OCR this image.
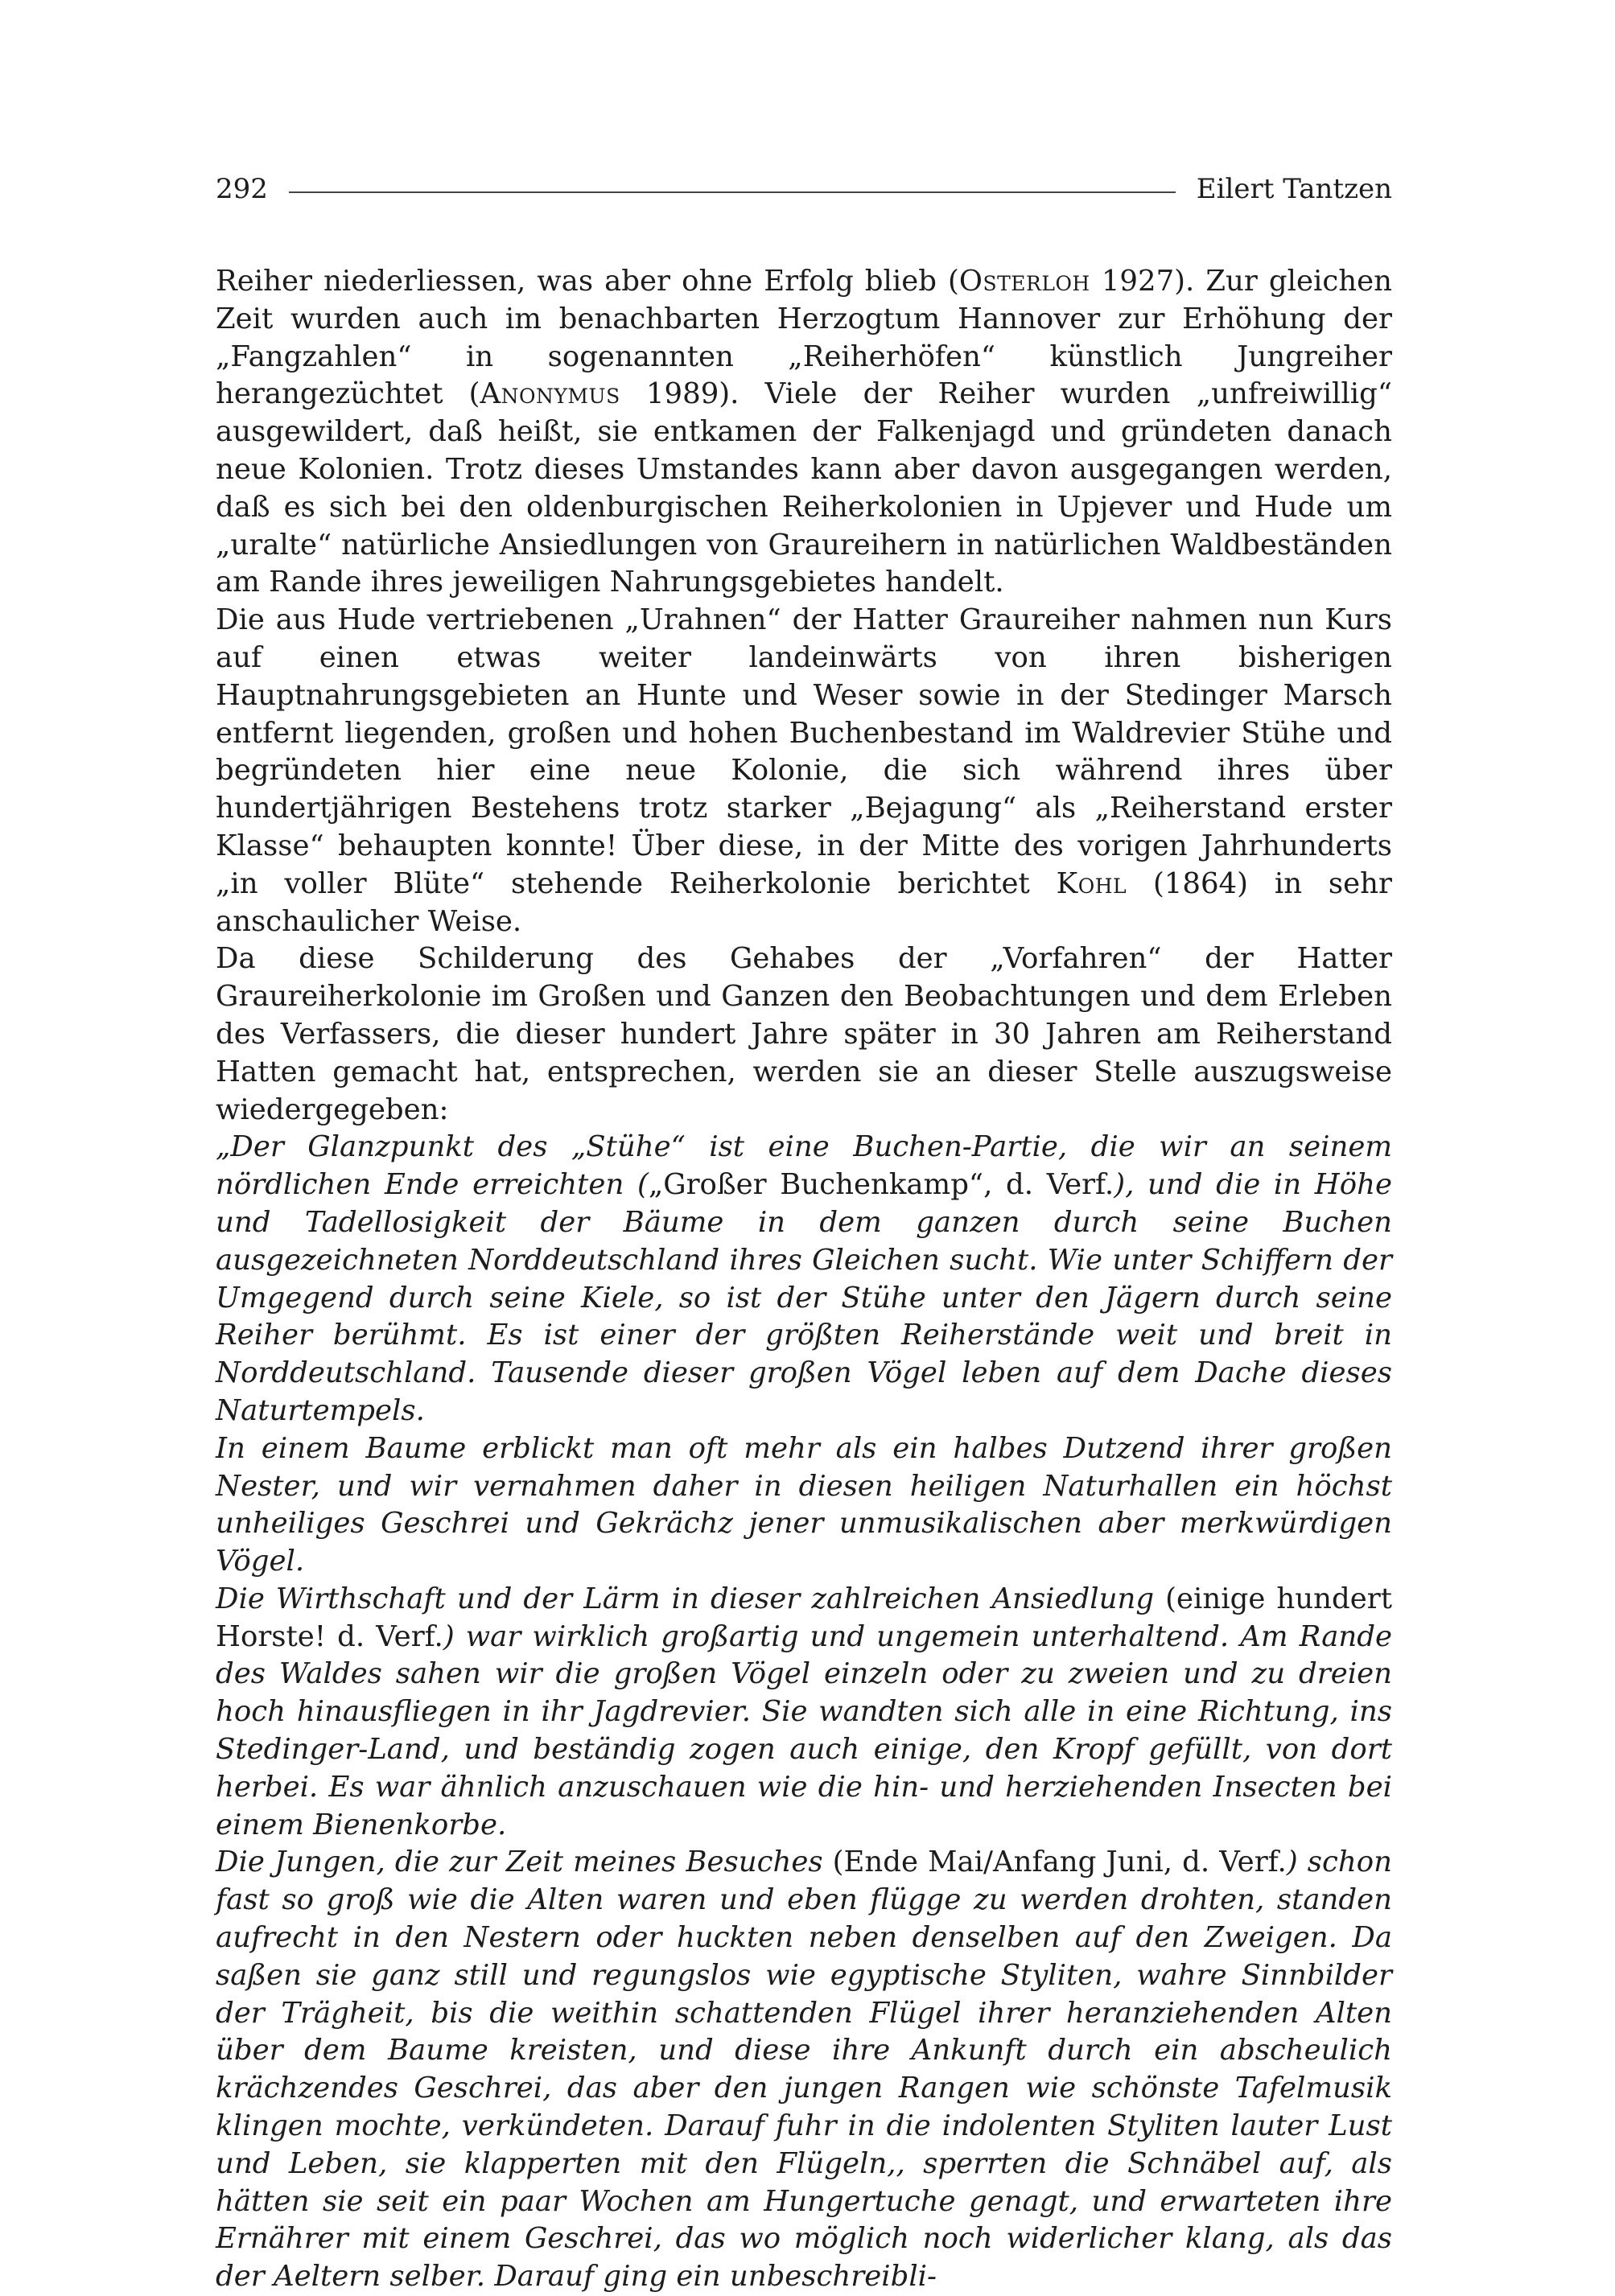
292	Eilert Tantzen

Reiher niederliessen, was aber ohne Erfolg blieb (Osterloh 1927). Zur gleichen Zeit wurden auch im benachbarten Herzogtum Hannover zur Erhöhung der „Fangzahlen“ in sogenannten „Reiherhöfen“ künstlich Jungreiher herangezüchtet (Anonymus 1989). Viele der Reiher wurden „unfreiwillig“ ausgewildert, daß heißt, sie entkamen der Falkenjagd und gründeten danach neue Kolonien. Trotz dieses Umstandes kann aber davon ausgegangen werden, daß es sich bei den oldenburgischen Reiherkolonien in Upjever und Hude um „uralte“ natürliche Ansiedlungen von Graureihern in natürlichen Waldbeständen am Rande ihres jeweiligen Nahrungsgebietes handelt.

Die aus Hude vertriebenen „Urahnen“ der Hatter Graureiher nahmen nun Kurs auf einen etwas weiter landeinwärts von ihren bisherigen Hauptnahrungsgebieten an Hunte und Weser sowie in der Stedinger Marsch entfernt liegenden, großen und hohen Buchenbestand im Waldrevier Stühe und begründeten hier eine neue Kolonie, die sich während ihres über hundertjährigen Bestehens trotz starker „Bejagung“ als „Reiherstand erster Klasse“ behaupten konnte! Über diese, in der Mitte des vorigen Jahrhunderts „in voller Blüte“ stehende Reiherkolonie berichtet Kohl (1864) in sehr anschaulicher Weise.

Da diese Schilderung des Gehabes der „Vorfahren“ der Hatter Graureiherkolonie im Großen und Ganzen den Beobachtungen und dem Erleben des Verfassers, die dieser hundert Jahre später in 30 Jahren am Reiherstand Hatten gemacht hat, entsprechen, werden sie an dieser Stelle auszugsweise wiedergegeben:

„Der Glanzpunkt des „Stühe“ ist eine Buchen-Partie, die wir an seinem nördlichen Ende erreichten („Großer Buchenkamp“, d. Verf.), und die in Höhe und Tadellosigkeit der Bäume in dem ganzen durch seine Buchen ausgezeichneten Norddeutschland ihres Gleichen sucht. Wie unter Schiffern der Umgegend durch seine Kiele, so ist der Stühe unter den Jägern durch seine Reiher berühmt. Es ist einer der größten Reiherstände weit und breit in Norddeutschland. Tausende dieser großen Vögel leben auf dem Dache dieses Naturtempels.

In einem Baume erblickt man oft mehr als ein halbes Dutzend ihrer großen Nester, und wir vernahmen daher in diesen heiligen Naturhallen ein höchst unheiliges Geschrei und Gekrächz jener unmusikalischen aber merkwürdigen Vögel.

Die Wirthschaft und der Lärm in dieser zahlreichen Ansiedlung (einige hundert Horste! d. Verf.) war wirklich großartig und ungemein unterhaltend. Am Rande des Waldes sahen wir die großen Vögel einzeln oder zu zweien und zu dreien hoch hinausfliegen in ihr Jagdrevier. Sie wandten sich alle in eine Richtung, ins Stedinger-Land, und beständig zogen auch einige, den Kropf gefüllt, von dort herbei. Es war ähnlich anzuschauen wie die hin- und herziehenden Insecten bei einem Bienenkorbe.

Die Jungen, die zur Zeit meines Besuches (Ende Mai/Anfang Juni, d. Verf.) schon fast so groß wie die Alten waren und eben flügge zu werden drohten, standen aufrecht in den Nestern oder huckten neben denselben auf den Zweigen. Da saßen sie ganz still und regungslos wie egyptische Styliten, wahre Sinnbilder der Trägheit, bis die weithin schattenden Flügel ihrer heranziehenden Alten über dem Baume kreisten, und diese ihre Ankunft durch ein abscheulich krächzendes Geschrei, das aber den jungen Rangen wie schönste Tafelmusik klingen mochte, verkündeten. Darauf fuhr in die indolenten Styliten lauter Lust und Leben, sie klapperten mit den Flügeln,, sperrten die Schnäbel auf, als hätten sie seit ein paar Wochen am Hungertuche genagt, und erwarteten ihre Ernährer mit einem Geschrei, das wo möglich noch widerlicher klang, als das der Aeltern selber. Darauf ging ein unbeschreibli-
